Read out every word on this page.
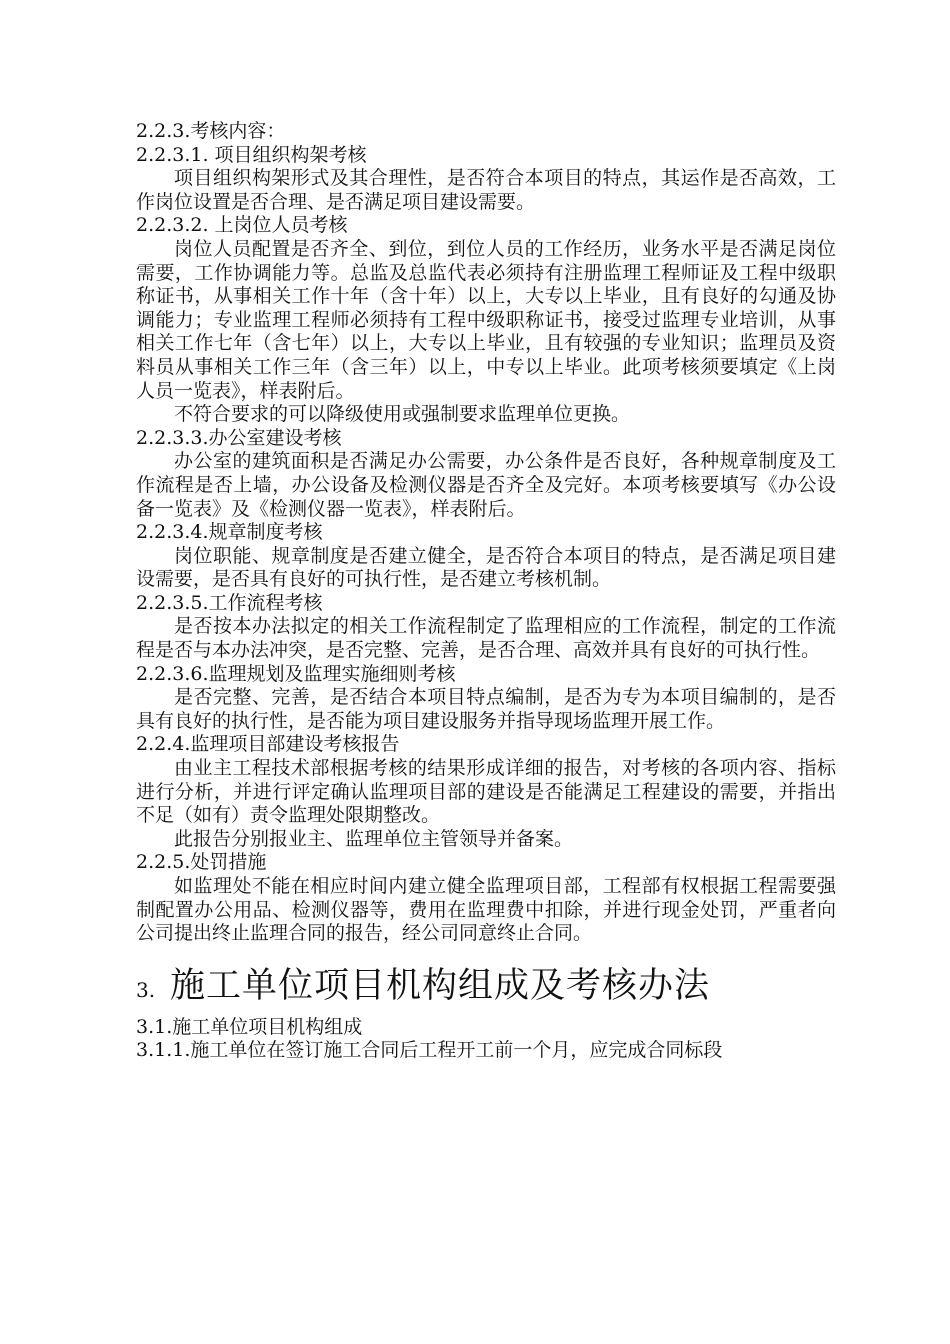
2.2.3.考核内容：

2.2.3.1. 项目组织构架考核

项目组织构架形式及其合理性，是否符合本项目的特点，其运作是否高效，工作岗位设置是否合理、是否满足项目建设需要。

2.2.3.2. 上岗位人员考核

岗位人员配置是否齐全、到位，到位人员的工作经历，业务水平是否满足岗位需要，工作协调能力等。总监及总监代表必须持有注册监理工程师证及工程中级职称证书，从事相关工作十年（含十年）以上，大专以上毕业，且有良好的勾通及协调能力；专业监理工程师必须持有工程中级职称证书，接受过监理专业培训，从事相关工作七年（含七年）以上，大专以上毕业，且有较强的专业知识；监理员及资料员从事相关工作三年（含三年）以上，中专以上毕业。此项考核须要填定《上岗人员一览表》，样表附后。

不符合要求的可以降级使用或强制要求监理单位更换。

2.2.3.3.办公室建设考核

办公室的建筑面积是否满足办公需要，办公条件是否良好，各种规章制度及工作流程是否上墙，办公设备及检测仪器是否齐全及完好。本项考核要填写《办公设备一览表》及《检测仪器一览表》，样表附后。

2.2.3.4.规章制度考核

岗位职能、规章制度是否建立健全，是否符合本项目的特点，是否满足项目建设需要，是否具有良好的可执行性，是否建立考核机制。

2.2.3.5.工作流程考核

是否按本办法拟定的相关工作流程制定了监理相应的工作流程，制定的工作流程是否与本办法冲突，是否完整、完善，是否合理、高效并具有良好的可执行性。

2.2.3.6.监理规划及监理实施细则考核

是否完整、完善，是否结合本项目特点编制，是否为专为本项目编制的，是否具有良好的执行性，是否能为项目建设服务并指导现场监理开展工作。

2.2.4.监理项目部建设考核报告

由业主工程技术部根据考核的结果形成详细的报告，对考核的各项内容、指标进行分析，并进行评定确认监理项目部的建设是否能满足工程建设的需要，并指出不足（如有）责令监理处限期整改。

此报告分别报业主、监理单位主管领导并备案。

2.2.5.处罚措施

如监理处不能在相应时间内建立健全监理项目部，工程部有权根据工程需要强制配置办公用品、检测仪器等，费用在监理费中扣除，并进行现金处罚，严重者向公司提出终止监理合同的报告，经公司同意终止合同。

3. 施工单位项目机构组成及考核办法

3.1.施工单位项目机构组成

3.1.1.施工单位在签订施工合同后工程开工前一个月，应完成合同标段
